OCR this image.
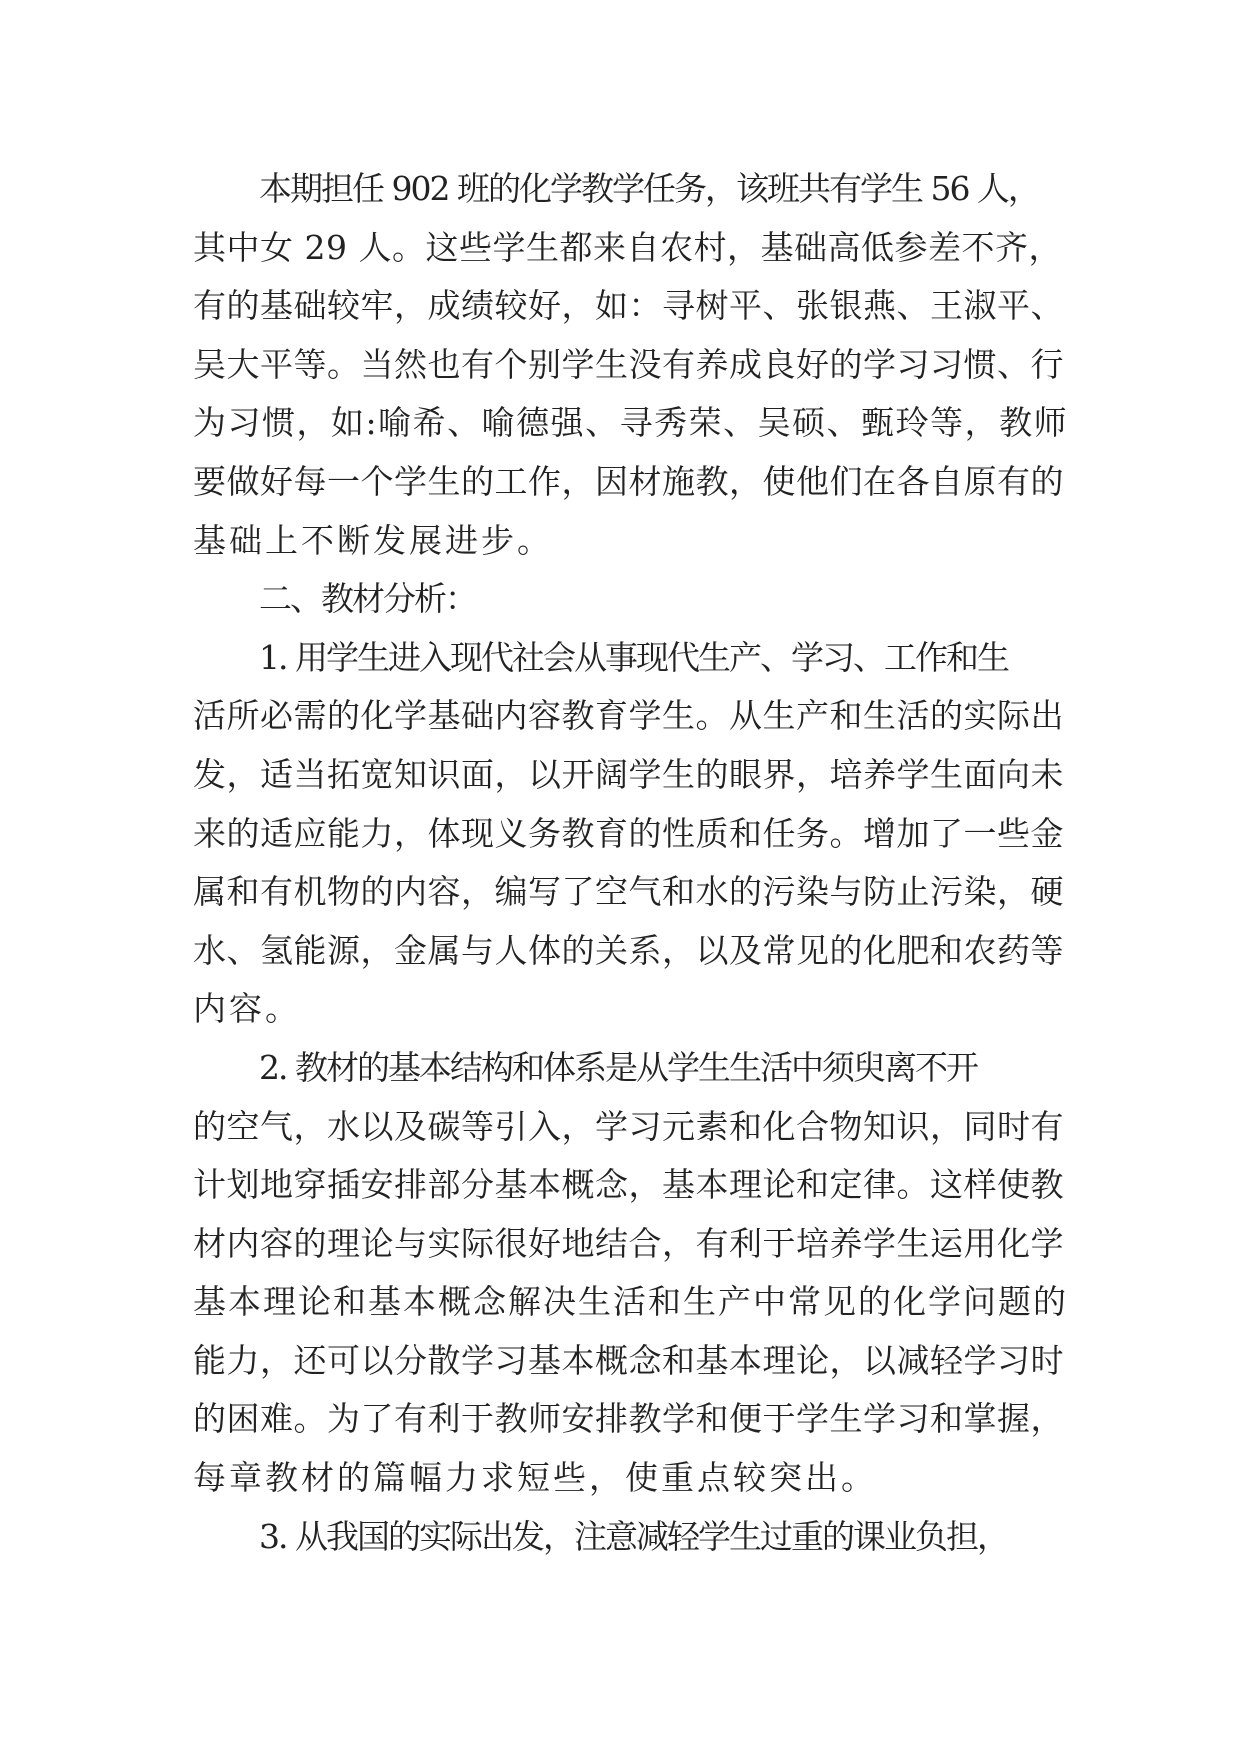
本期担任 902 班的化学教学任务，该班共有学生 56 人，
其中女 29 人。这些学生都来自农村，基础高低参差不齐，
有的基础较牢，成绩较好，如：寻树平、张银燕、王淑平、
吴大平等。当然也有个别学生没有养成良好的学习习惯、行
为习惯，如:喻希、喻德强、寻秀荣、吴硕、甄玲等，教师
要做好每一个学生的工作，因材施教，使他们在各自原有的
基础上不断发展进步。
二、教材分析：
1. 用学生进入现代社会从事现代生产、学习、工作和生
活所必需的化学基础内容教育学生。从生产和生活的实际出
发，适当拓宽知识面，以开阔学生的眼界，培养学生面向未
来的适应能力，体现义务教育的性质和任务。增加了一些金
属和有机物的内容，编写了空气和水的污染与防止污染，硬
水、氢能源，金属与人体的关系，以及常见的化肥和农药等
内容。
2. 教材的基本结构和体系是从学生生活中须臾离不开
的空气，水以及碳等引入，学习元素和化合物知识，同时有
计划地穿插安排部分基本概念，基本理论和定律。这样使教
材内容的理论与实际很好地结合，有利于培养学生运用化学
基本理论和基本概念解决生活和生产中常见的化学问题的
能力，还可以分散学习基本概念和基本理论，以减轻学习时
的困难。为了有利于教师安排教学和便于学生学习和掌握，
每章教材的篇幅力求短些，使重点较突出。
3. 从我国的实际出发，注意减轻学生过重的课业负担，
